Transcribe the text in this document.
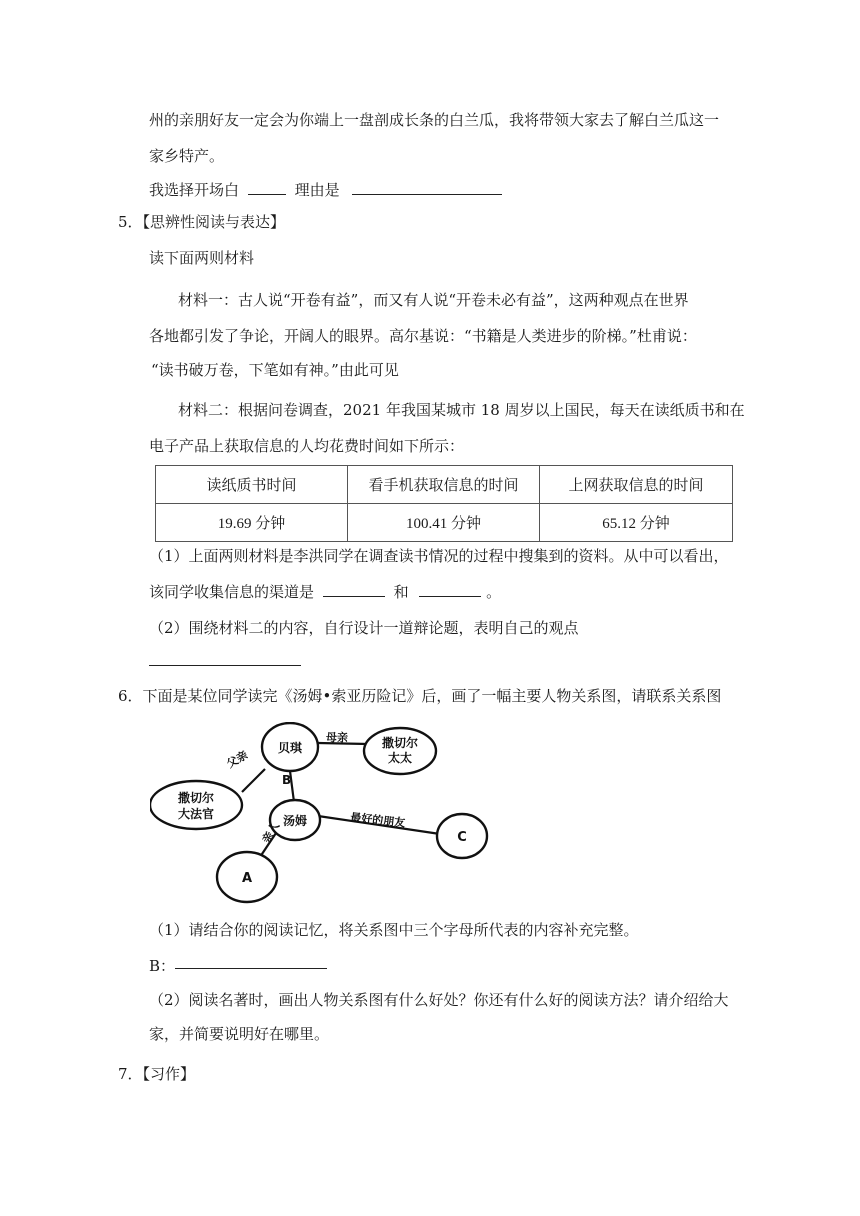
州的亲朋好友一定会为你端上一盘剖成长条的白兰瓜，我将带领大家去了解白兰瓜这一
家乡特产。
我选择开场白	理由是
5．【思辨性阅读与表达】
读下面两则材料
材料一：古人说“开卷有益”，而又有人说“开卷未必有益”，这两种观点在世界
各地都引发了争论，开阔人的眼界。高尔基说：“书籍是人类进步的阶梯。”杜甫说：
“读书破万卷，下笔如有神。”由此可见
材料二：根据问卷调查，2021 年我国某城市 18 周岁以上国民，每天在读纸质书和在
电子产品上获取信息的人均花费时间如下所示：
读纸质书时间	看手机获取信息的时间	上网获取信息的时间
19.69 分钟	100.41 分钟	65.12 分钟
（1）上面两则材料是李洪同学在调查读书情况的过程中搜集到的资料。从中可以看出，
该同学收集信息的渠道是	和	。
（2）围绕材料二的内容，自行设计一道辩论题，表明自己的观点
6．下面是某位同学读完《汤姆•索亚历险记》后，画了一幅主要人物关系图，请联系关系图
撒切尔
大法官
贝琪	撒切尔
太太
汤姆
A
C
父亲
母亲
B
最好的朋友
亲人
（1）请结合你的阅读记忆，将关系图中三个字母所代表的内容补充完整。
B：
（2）阅读名著时，画出人物关系图有什么好处？你还有什么好的阅读方法？请介绍给大
家，并简要说明好在哪里。
7．【习作】
